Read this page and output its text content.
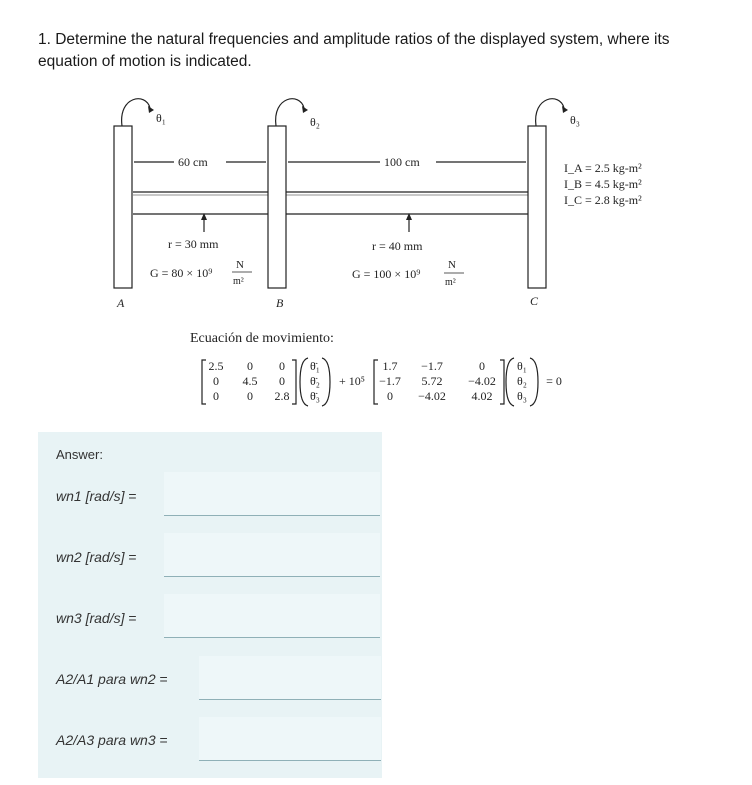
1. Determine the natural frequencies and amplitude ratios of the displayed system, where its equation of motion is indicated.
θ₁	θ₂	θ₃
60 cm	100 cm
r = 30 mm	r = 40 mm
G = 80 × 10⁹
N
m²
G = 100 × 10⁹
N
m²
A	B	C
I_A = 2.5 kg-m²
I_B = 4.5 kg-m²
I_C = 2.8 kg-m²
Ecuación de movimiento:
2.5 0 0
0 4.5 0
0 0 2.8
θ̈₁
θ̈₂
θ̈₃
+ 10⁵
1.7 −1.7	0
−1.7 5.72 −4.02
0 −4.02 4.02
θ₁
θ₂
θ₃
= 0
Answer:
wn1 [rad/s] =
wn2 [rad/s] =
wn3 [rad/s] =
A2/A1 para wn2 =
A2/A3 para wn3 =
